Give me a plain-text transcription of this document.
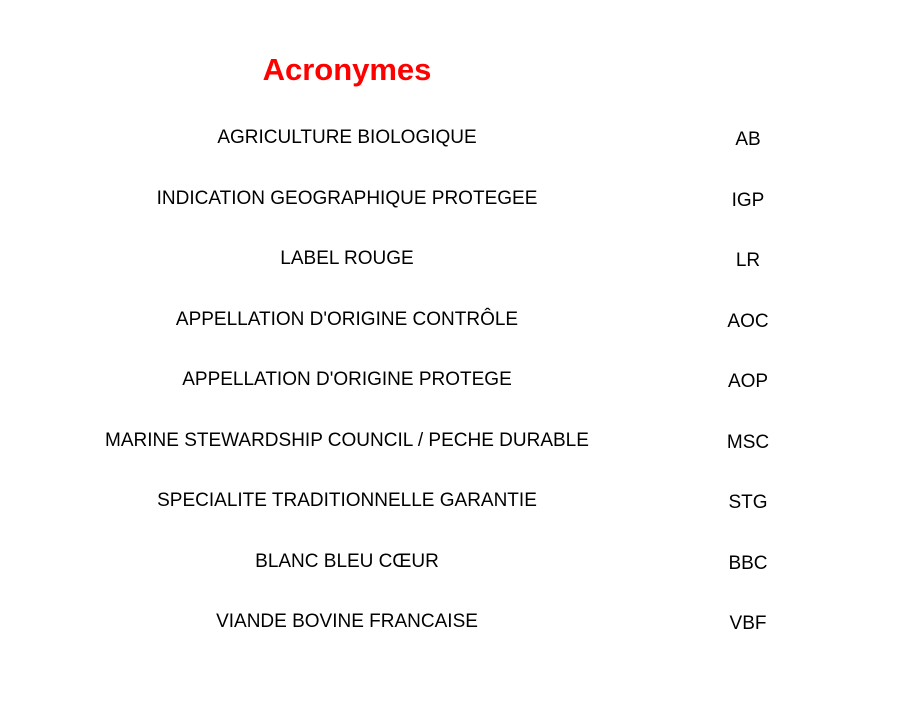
Acronymes
AGRICULTURE BIOLOGIQUE	AB
INDICATION GEOGRAPHIQUE PROTEGEE	IGP
LABEL ROUGE	LR
APPELLATION D'ORIGINE CONTRÔLE	AOC
APPELLATION D'ORIGINE PROTEGE	AOP
MARINE STEWARDSHIP COUNCIL / PECHE DURABLE	MSC
SPECIALITE TRADITIONNELLE GARANTIE	STG
BLANC BLEU CŒUR	BBC
VIANDE BOVINE FRANCAISE	VBF
